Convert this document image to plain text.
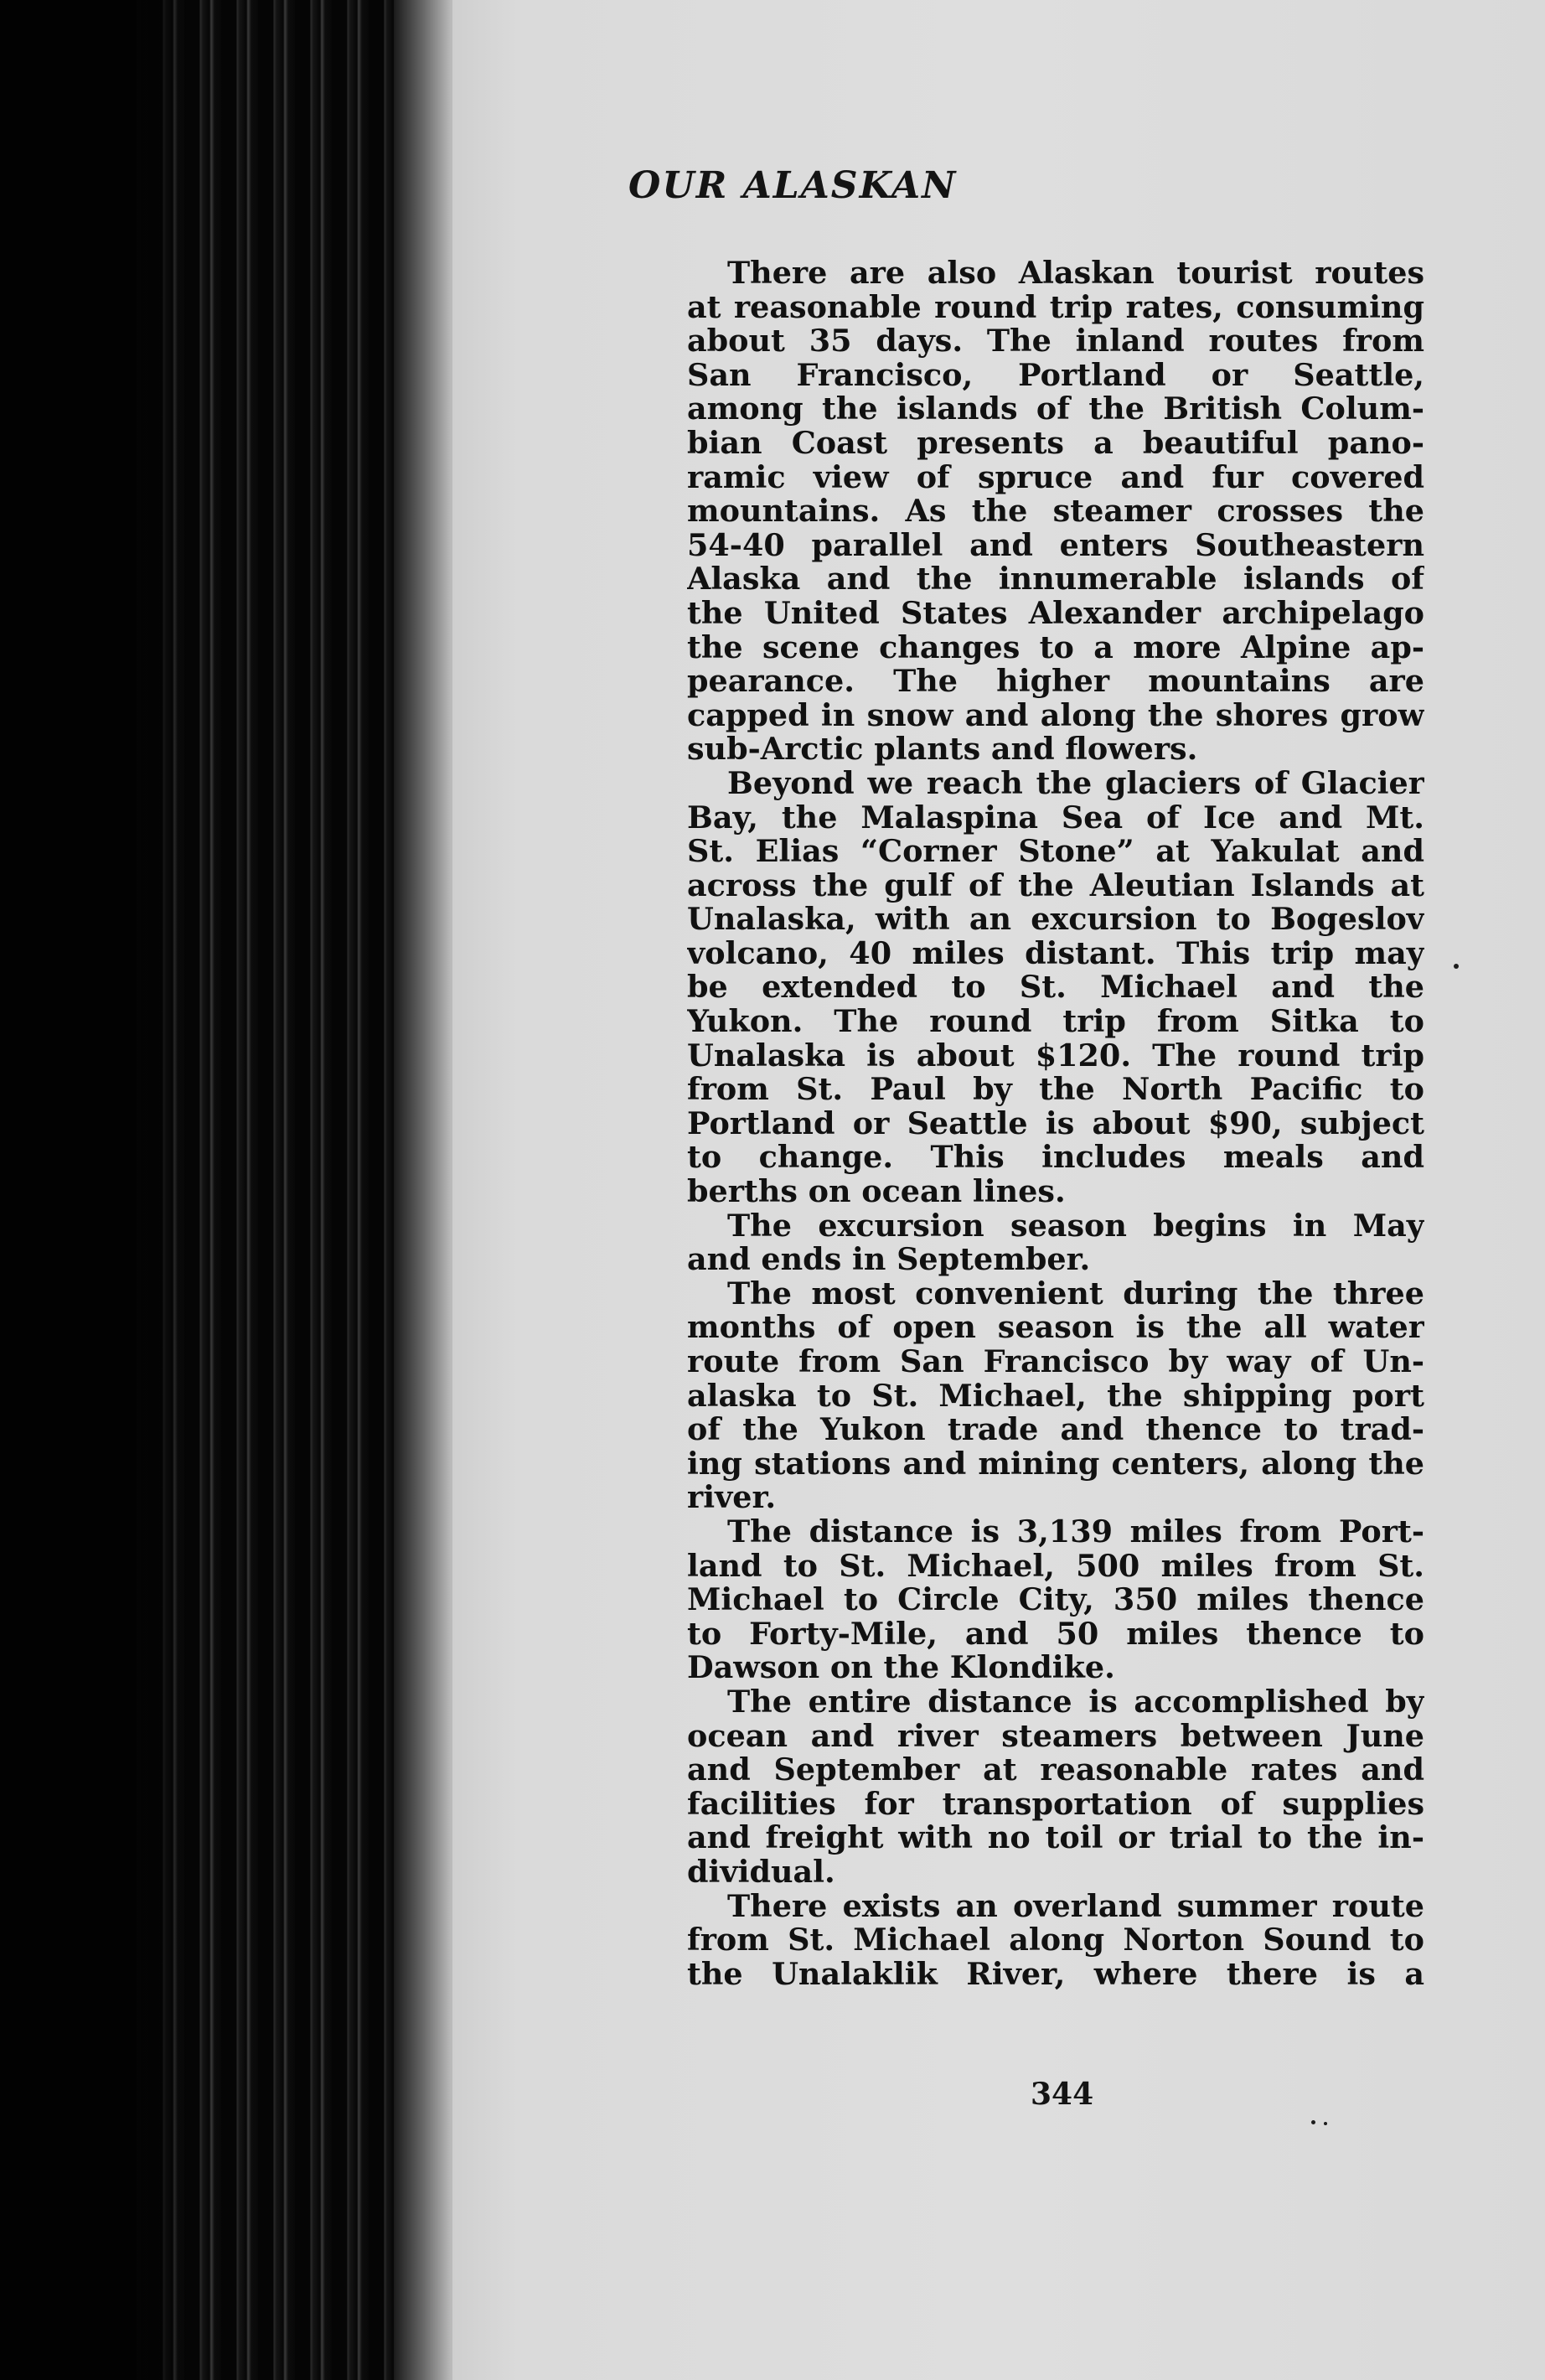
OUR ALASKAN
There are also Alaskan tourist routes
at reasonable round trip rates, consuming
about 35 days. The inland routes from
San Francisco, Portland or Seattle,
among the islands of the British Colum-
bian Coast presents a beautiful pano-
ramic view of spruce and fur covered
mountains. As the steamer crosses the
54-40 parallel and enters Southeastern
Alaska and the innumerable islands of
the United States Alexander archipelago
the scene changes to a more Alpine ap-
pearance. The higher mountains are
capped in snow and along the shores grow
sub-Arctic plants and flowers.
Beyond we reach the glaciers of Glacier
Bay, the Malaspina Sea of Ice and Mt.
St. Elias “Corner Stone” at Yakulat and
across the gulf of the Aleutian Islands at
Unalaska, with an excursion to Bogeslov
volcano, 40 miles distant. This trip may
be extended to St. Michael and the
Yukon. The round trip from Sitka to
Unalaska is about $120. The round trip
from St. Paul by the North Pacific to
Portland or Seattle is about $90, subject
to change. This includes meals and
berths on ocean lines.
The excursion season begins in May
and ends in September.
The most convenient during the three
months of open season is the all water
route from San Francisco by way of Un-
alaska to St. Michael, the shipping port
of the Yukon trade and thence to trad-
ing stations and mining centers, along the
river.
The distance is 3,139 miles from Port-
land to St. Michael, 500 miles from St.
Michael to Circle City, 350 miles thence
to Forty-Mile, and 50 miles thence to
Dawson on the Klondike.
The entire distance is accomplished by
ocean and river steamers between June
and September at reasonable rates and
facilities for transportation of supplies
and freight with no toil or trial to the in-
dividual.
There exists an overland summer route
from St. Michael along Norton Sound to
the Unalaklik River, where there is a

344
